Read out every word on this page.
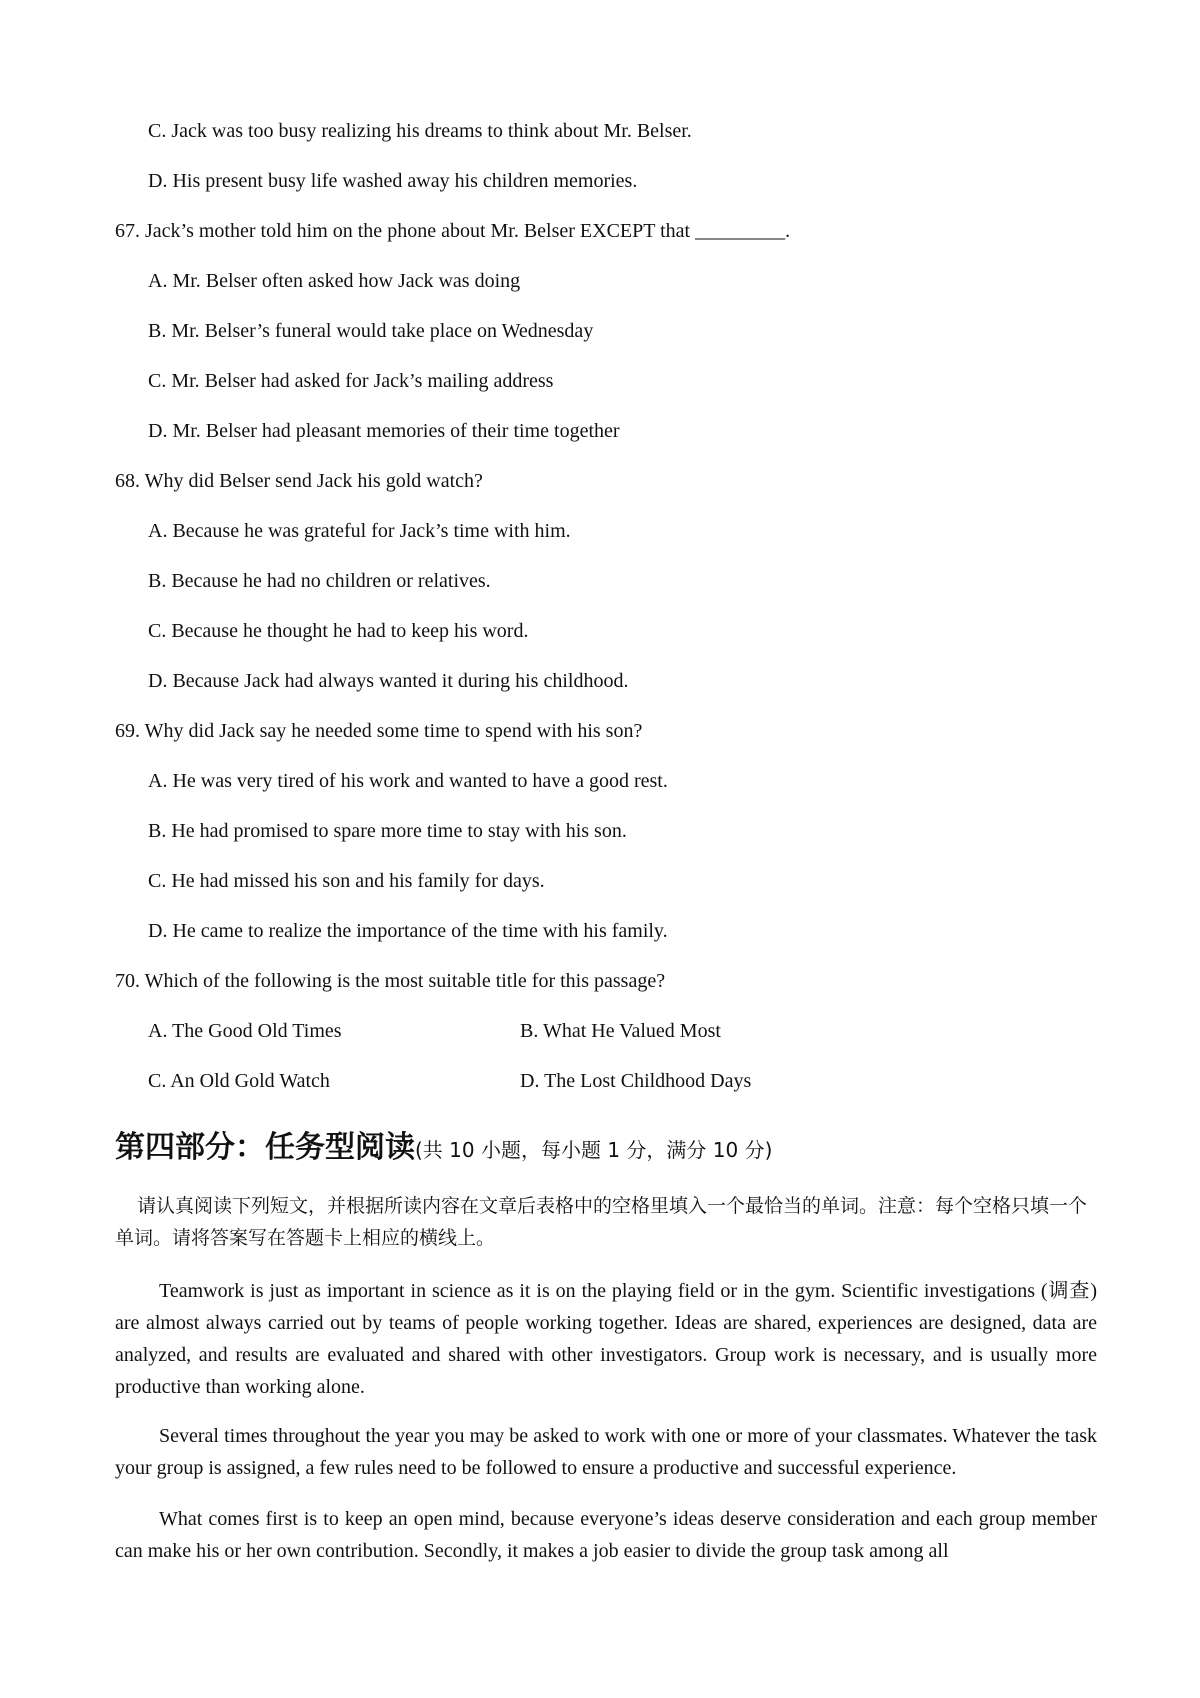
C. Jack was too busy realizing his dreams to think about Mr. Belser.
D. His present busy life washed away his children memories.
67. Jack’s mother told him on the phone about Mr. Belser EXCEPT that _________.
A. Mr. Belser often asked how Jack was doing
B. Mr. Belser’s funeral would take place on Wednesday
C. Mr. Belser had asked for Jack’s mailing address
D. Mr. Belser had pleasant memories of their time together
68. Why did Belser send Jack his gold watch?
A. Because he was grateful for Jack’s time with him.
B. Because he had no children or relatives.
C. Because he thought he had to keep his word.
D. Because Jack had always wanted it during his childhood.
69. Why did Jack say he needed some time to spend with his son?
A. He was very tired of his work and wanted to have a good rest.
B. He had promised to spare more time to stay with his son.
C. He had missed his son and his family for days.
D. He came to realize the importance of the time with his family.
70. Which of the following is the most suitable title for this passage?
A. The Good Old Times	B. What He Valued Most
C. An Old Gold Watch	D. The Lost Childhood Days
第四部分：任务型阅读(共 10 小题，每小题 1 分，满分 10 分)

请认真阅读下列短文，并根据所读内容在文章后表格中的空格里填入一个最恰当的单词。注意：每个空格只填一个单词。请将答案写在答题卡上相应的横线上。

Teamwork is just as important in science as it is on the playing field or in the gym. Scientific investigations (调查) are almost always carried out by teams of people working together. Ideas are shared, experiences are designed, data are analyzed, and results are evaluated and shared with other investigators. Group work is necessary, and is usually more productive than working alone.

Several times throughout the year you may be asked to work with one or more of your classmates. Whatever the task your group is assigned, a few rules need to be followed to ensure a productive and successful experience.

What comes first is to keep an open mind, because everyone’s ideas deserve consideration and each group member can make his or her own contribution. Secondly, it makes a job easier to divide the group task among all
